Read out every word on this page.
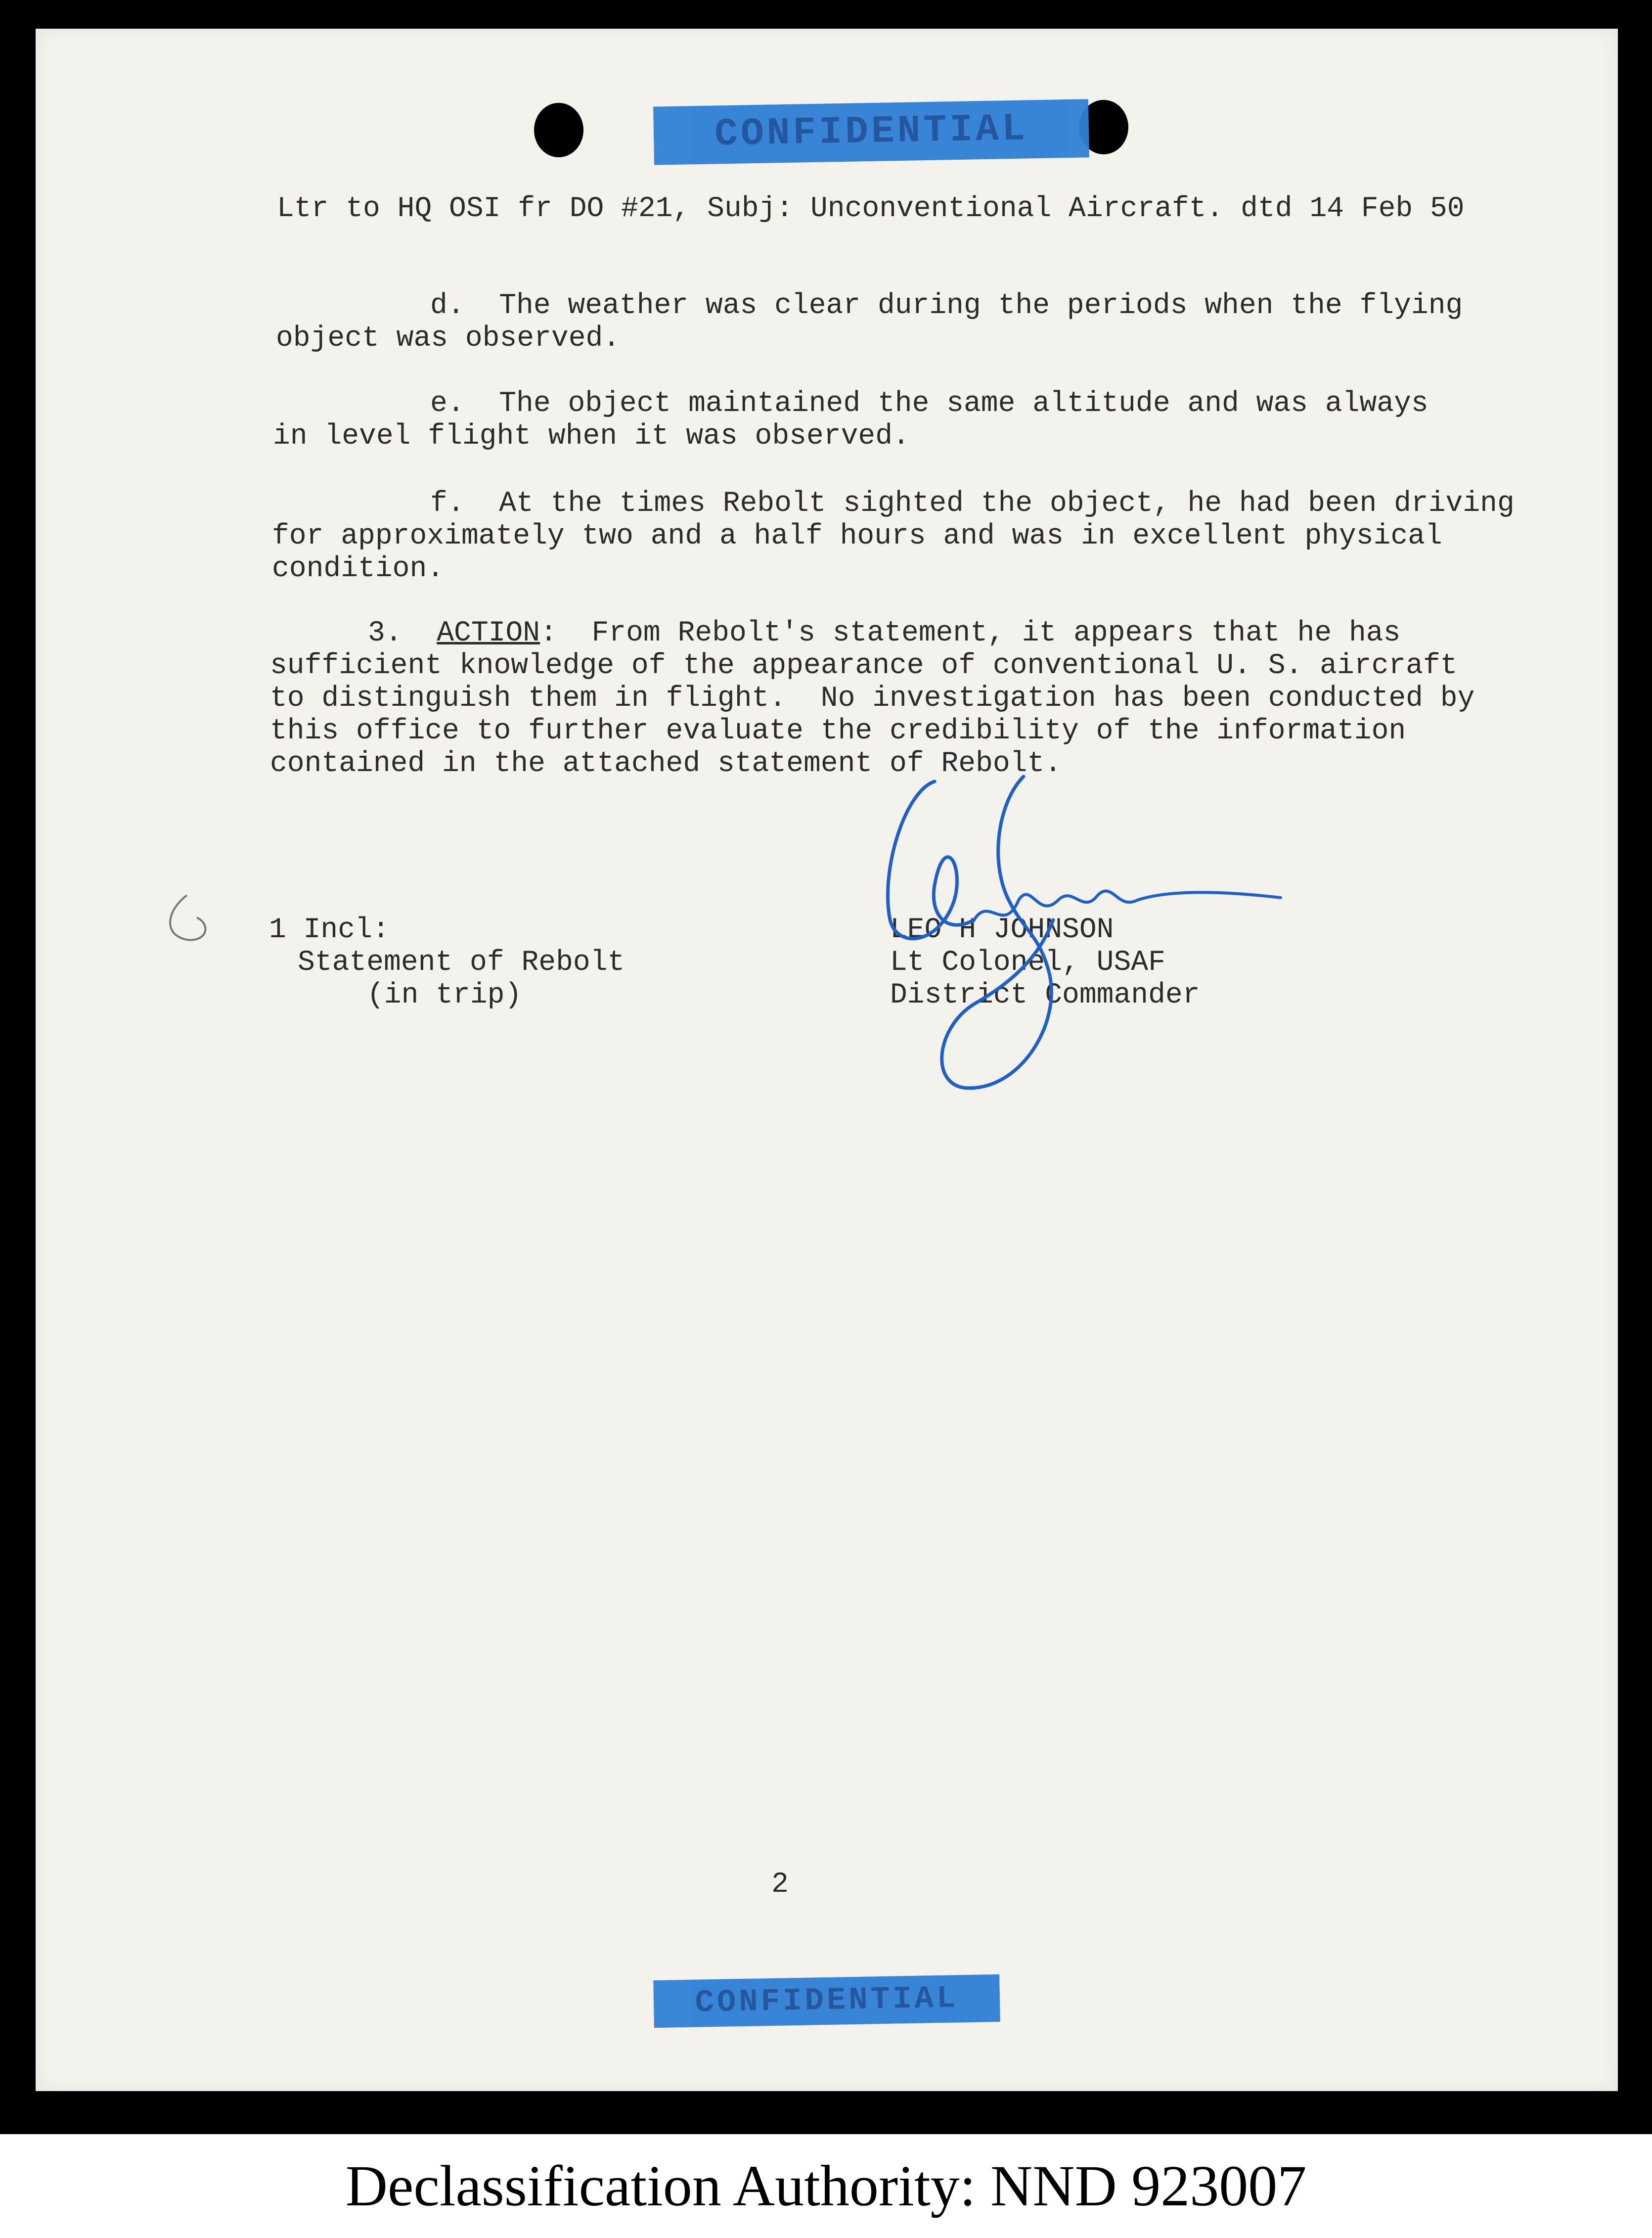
CONFIDENTIAL
Ltr to HQ OSI fr DO #21, Subj: Unconventional Aircraft. dtd 14 Feb 50
d.  The weather was clear during the periods when the flying
object was observed.
e.  The object maintained the same altitude and was always
in level flight when it was observed.
f.  At the times Rebolt sighted the object, he had been driving
for approximately two and a half hours and was in excellent physical
condition.
3. ACTION:  From Rebolt's statement, it appears that he has
sufficient knowledge of the appearance of conventional U. S. aircraft
to distinguish them in flight.  No investigation has been conducted by
this office to further evaluate the credibility of the information
contained in the attached statement of Rebolt.
1 Incl:
Statement of Rebolt
(in trip)
LEO H JOHNSON
Lt Colonel, USAF
District Commander
2
CONFIDENTIAL
Declassification Authority: NND 923007
